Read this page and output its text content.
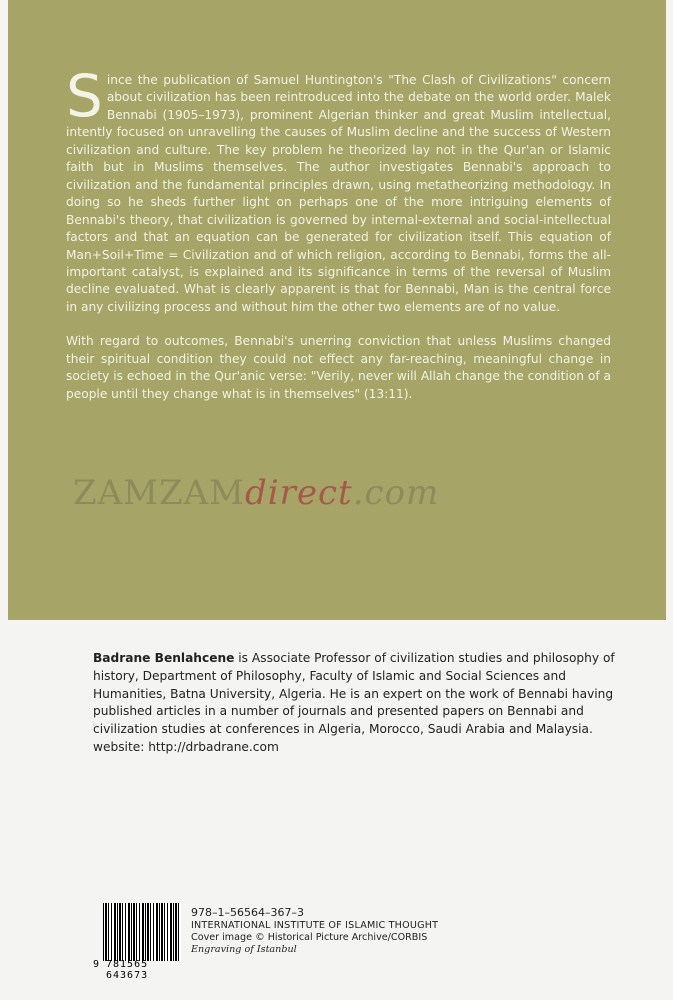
Since the publication of Samuel Huntington's "The Clash of Civilizations" concern about civilization has been reintroduced into the debate on the world order. Malek Bennabi (1905–1973), prominent Algerian thinker and great Muslim intellectual, intently focused on unravelling the causes of Muslim decline and the success of Western civilization and culture. The key problem he theorized lay not in the Qur'an or Islamic faith but in Muslims themselves. The author investigates Bennabi's approach to civilization and the fundamental principles drawn, using metatheorizing methodology. In doing so he sheds further light on perhaps one of the more intriguing elements of Bennabi's theory, that civilization is governed by internal-external and social-intellectual factors and that an equation can be generated for civilization itself. This equation of Man+Soil+Time = Civilization and of which religion, according to Bennabi, forms the all-important catalyst, is explained and its significance in terms of the reversal of Muslim decline evaluated. What is clearly apparent is that for Bennabi, Man is the central force in any civilizing process and without him the other two elements are of no value.

With regard to outcomes, Bennabi's unerring conviction that unless Muslims changed their spiritual condition they could not effect any far-reaching, meaningful change in society is echoed in the Qur'anic verse: "Verily, never will Allah change the condition of a people until they change what is in themselves" (13:11).

ZAMZAMdirect.com

Badrane Benlahcene is Associate Professor of civilization studies and philosophy of history, Department of Philosophy, Faculty of Islamic and Social Sciences and Humanities, Batna University, Algeria. He is an expert on the work of Bennabi having published articles in a number of journals and presented papers on Bennabi and civilization studies at conferences in Algeria, Morocco, Saudi Arabia and Malaysia.

website: http://drbadrane.com

9 781565 643673
978–1–56564–367–3
INTERNATIONAL INSTITUTE OF ISLAMIC THOUGHT
Cover image © Historical Picture Archive/CORBIS
Engraving of Istanbul
